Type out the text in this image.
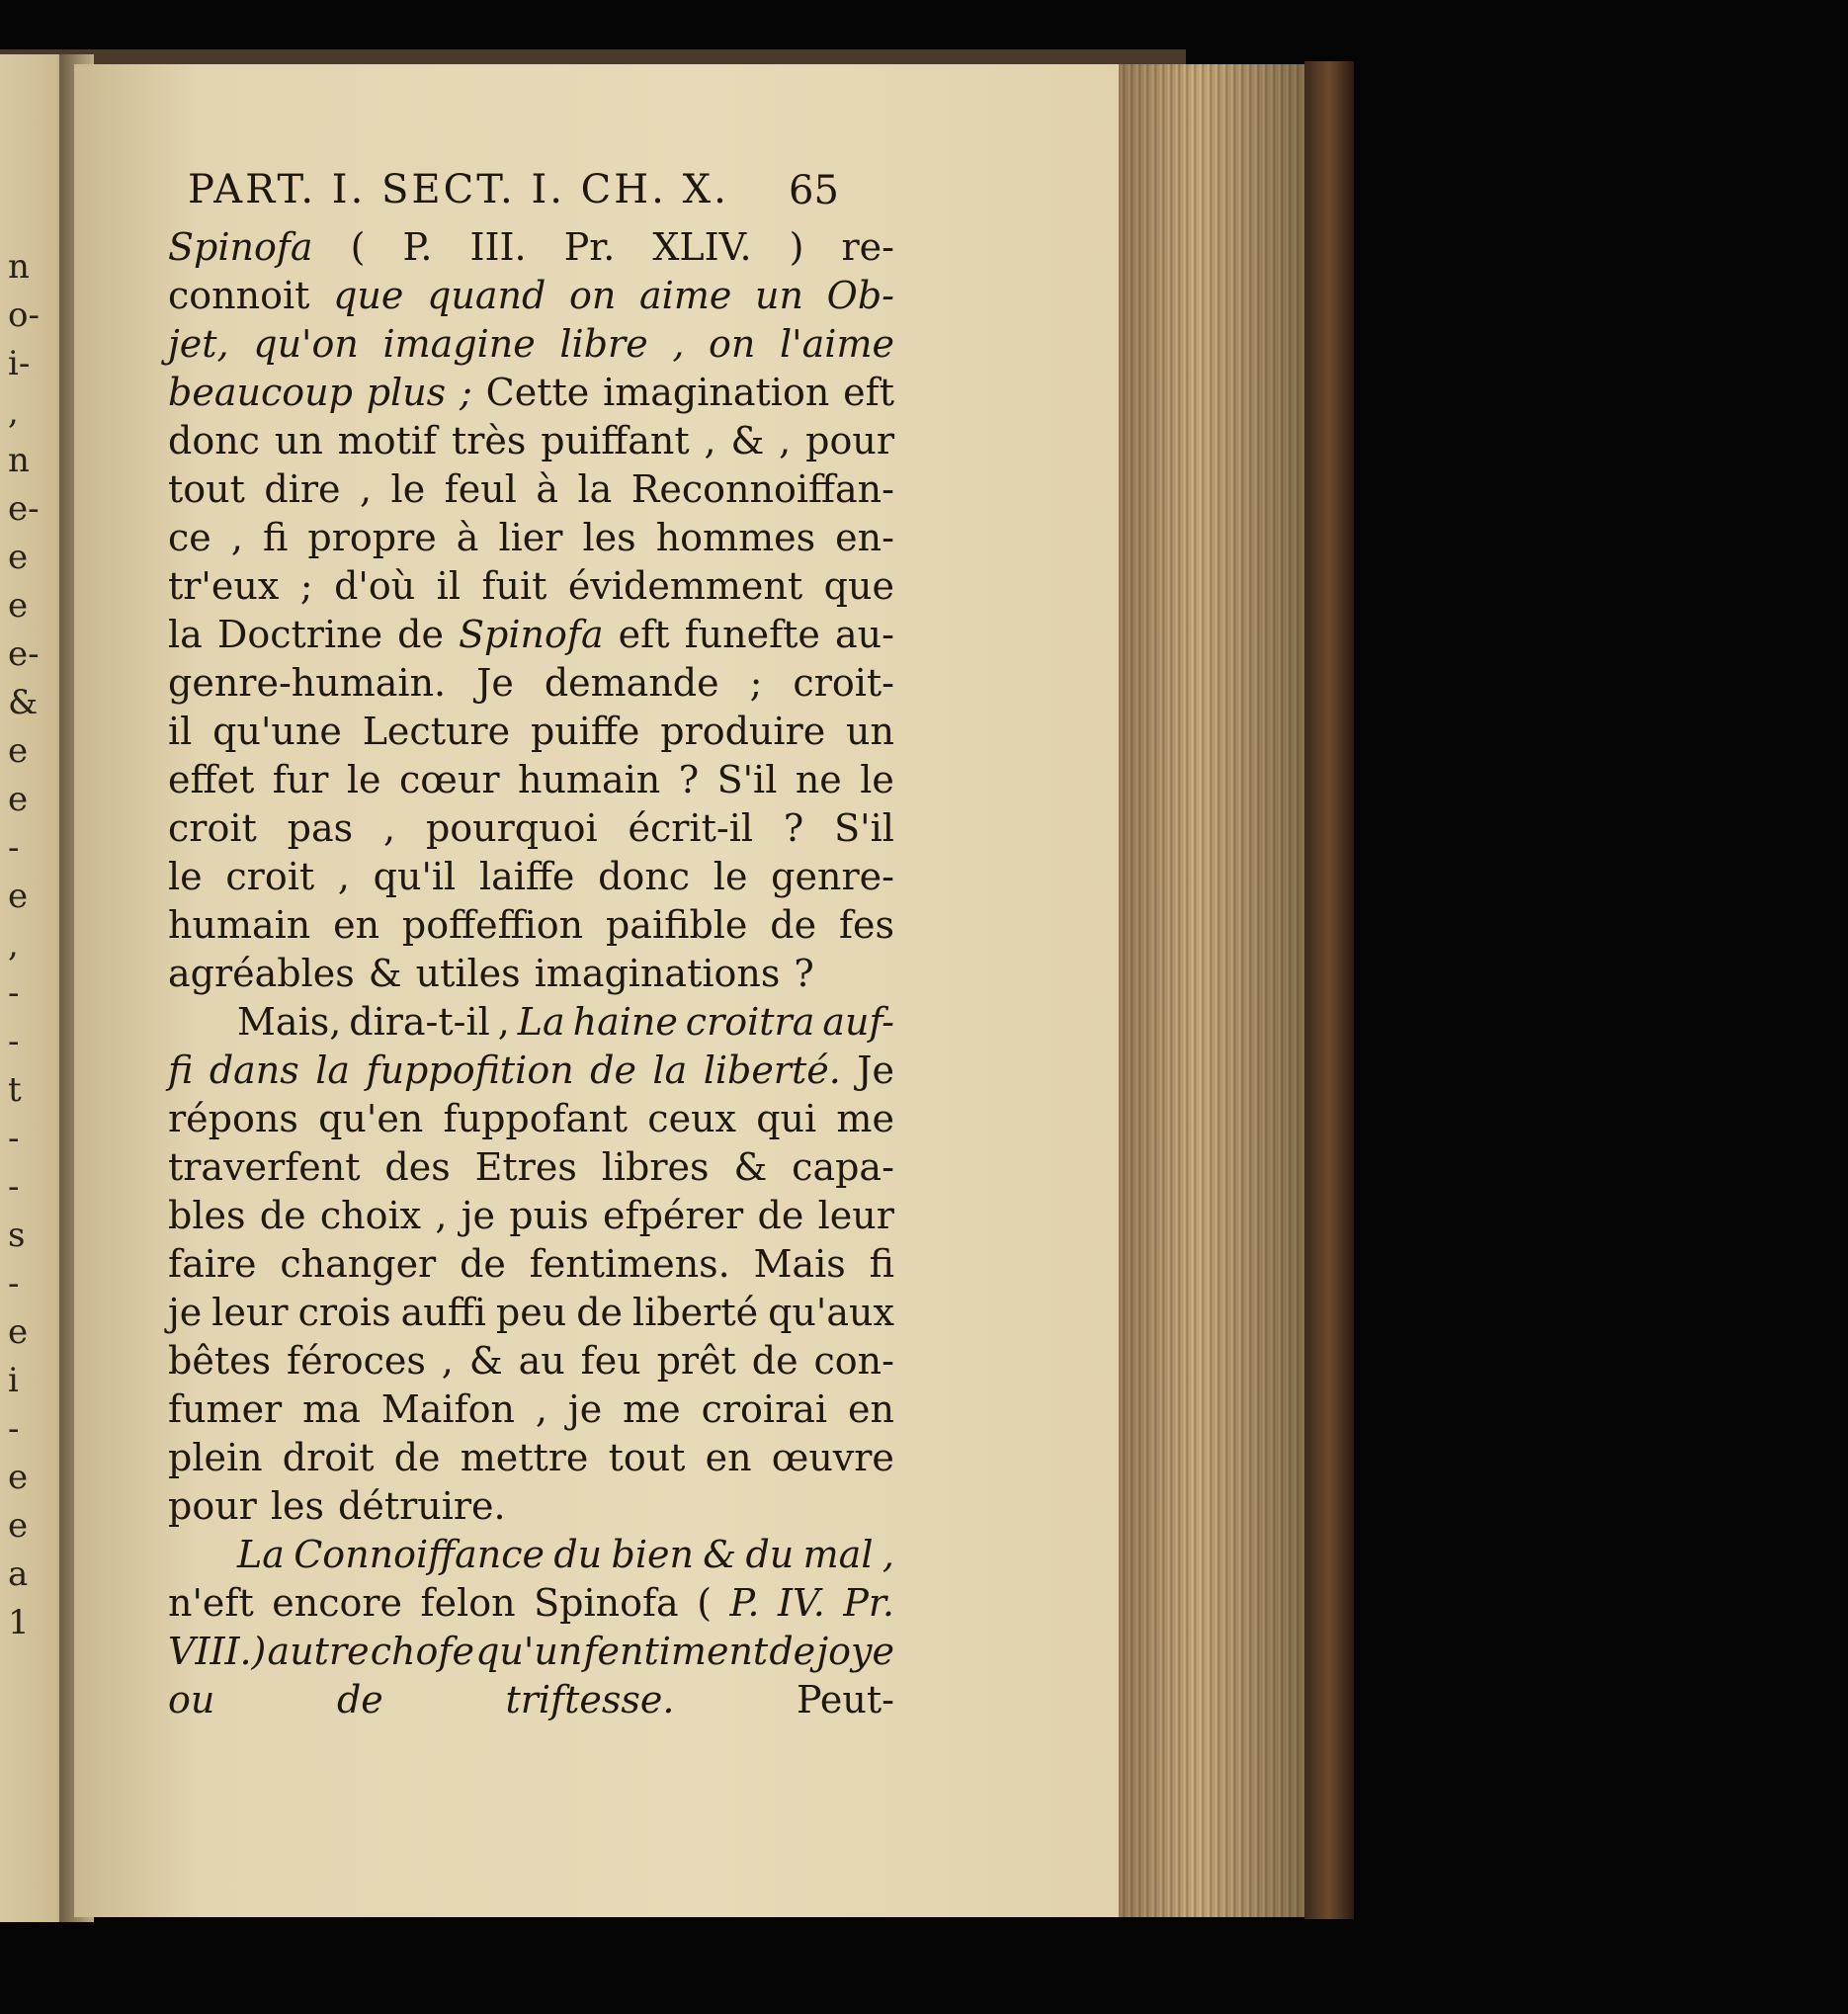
n
o-
i-
,
n
e-
e
e
e-
&
e
e
-
e
,
-
-
t
-
-
s
-
e
i
-
e
e
a
1
PART. I. SECT. I. CH. X.
Spinofa ( P. III. Pr. XLIV. ) re-
connoit que quand on aime un Ob-
jet, qu'on imagine libre , on l'aime
beaucoup plus ; Cette imagination eft
donc un motif très puiffant , & , pour
tout dire , le feul à la Reconnoiffan-
ce , fi propre à lier les hommes en-
tr'eux ; d'où il fuit évidemment que
la Doctrine de Spinofa eft funefte au-
genre-humain. Je demande ; croit-
il qu'une Lecture puiffe produire un
effet fur le cœur humain ? S'il ne le
croit pas , pourquoi écrit-il ? S'il
le croit , qu'il laiffe donc le genre-
humain en poffeffion paifible de fes
agréables & utiles imaginations ?
Mais, dira-t-il , La haine croitra auf-
fi dans la fuppofition de la liberté. Je
répons qu'en fuppofant ceux qui me
traverfent des Etres libres & capa-
bles de choix , je puis efpérer de leur
faire changer de fentimens. Mais fi
je leur crois auffi peu de liberté qu'aux
bêtes féroces , & au feu prêt de con-
fumer ma Maifon , je me croirai en
plein droit de mettre tout en œuvre
pour les détruire.
La Connoiffance du bien & du mal ,
n'eft encore felon Spinofa ( P. IV. Pr.
VIII.) autre chofe qu'un fentiment de joye
ou	de	triftesse.	Peut-
65
